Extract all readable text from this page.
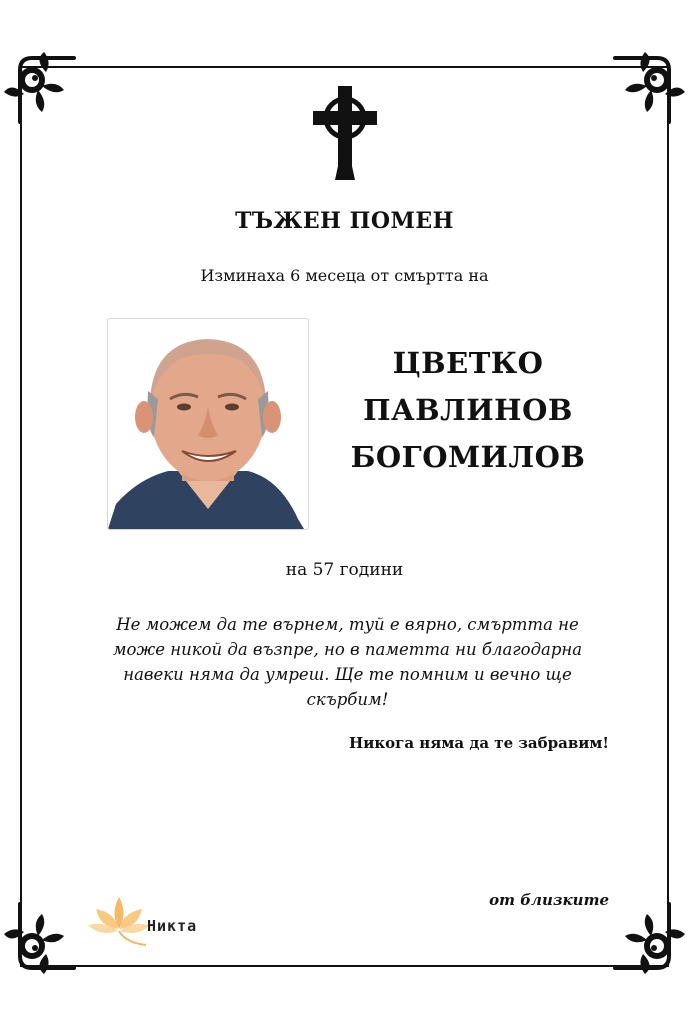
ТЪЖЕН ПОМЕН
Изминаха 6 месеца от смъртта на
ЦВЕТКО
ПАВЛИНОВ
БОГОМИЛОВ
на 57 години
Не можем да те върнем, туй е вярно, смъртта не може никой да възпре, но в паметта ни благодарна навеки няма да умреш. Ще те помним и вечно ще скърбим!
Никога няма да те забравим!
от близките
Никта
